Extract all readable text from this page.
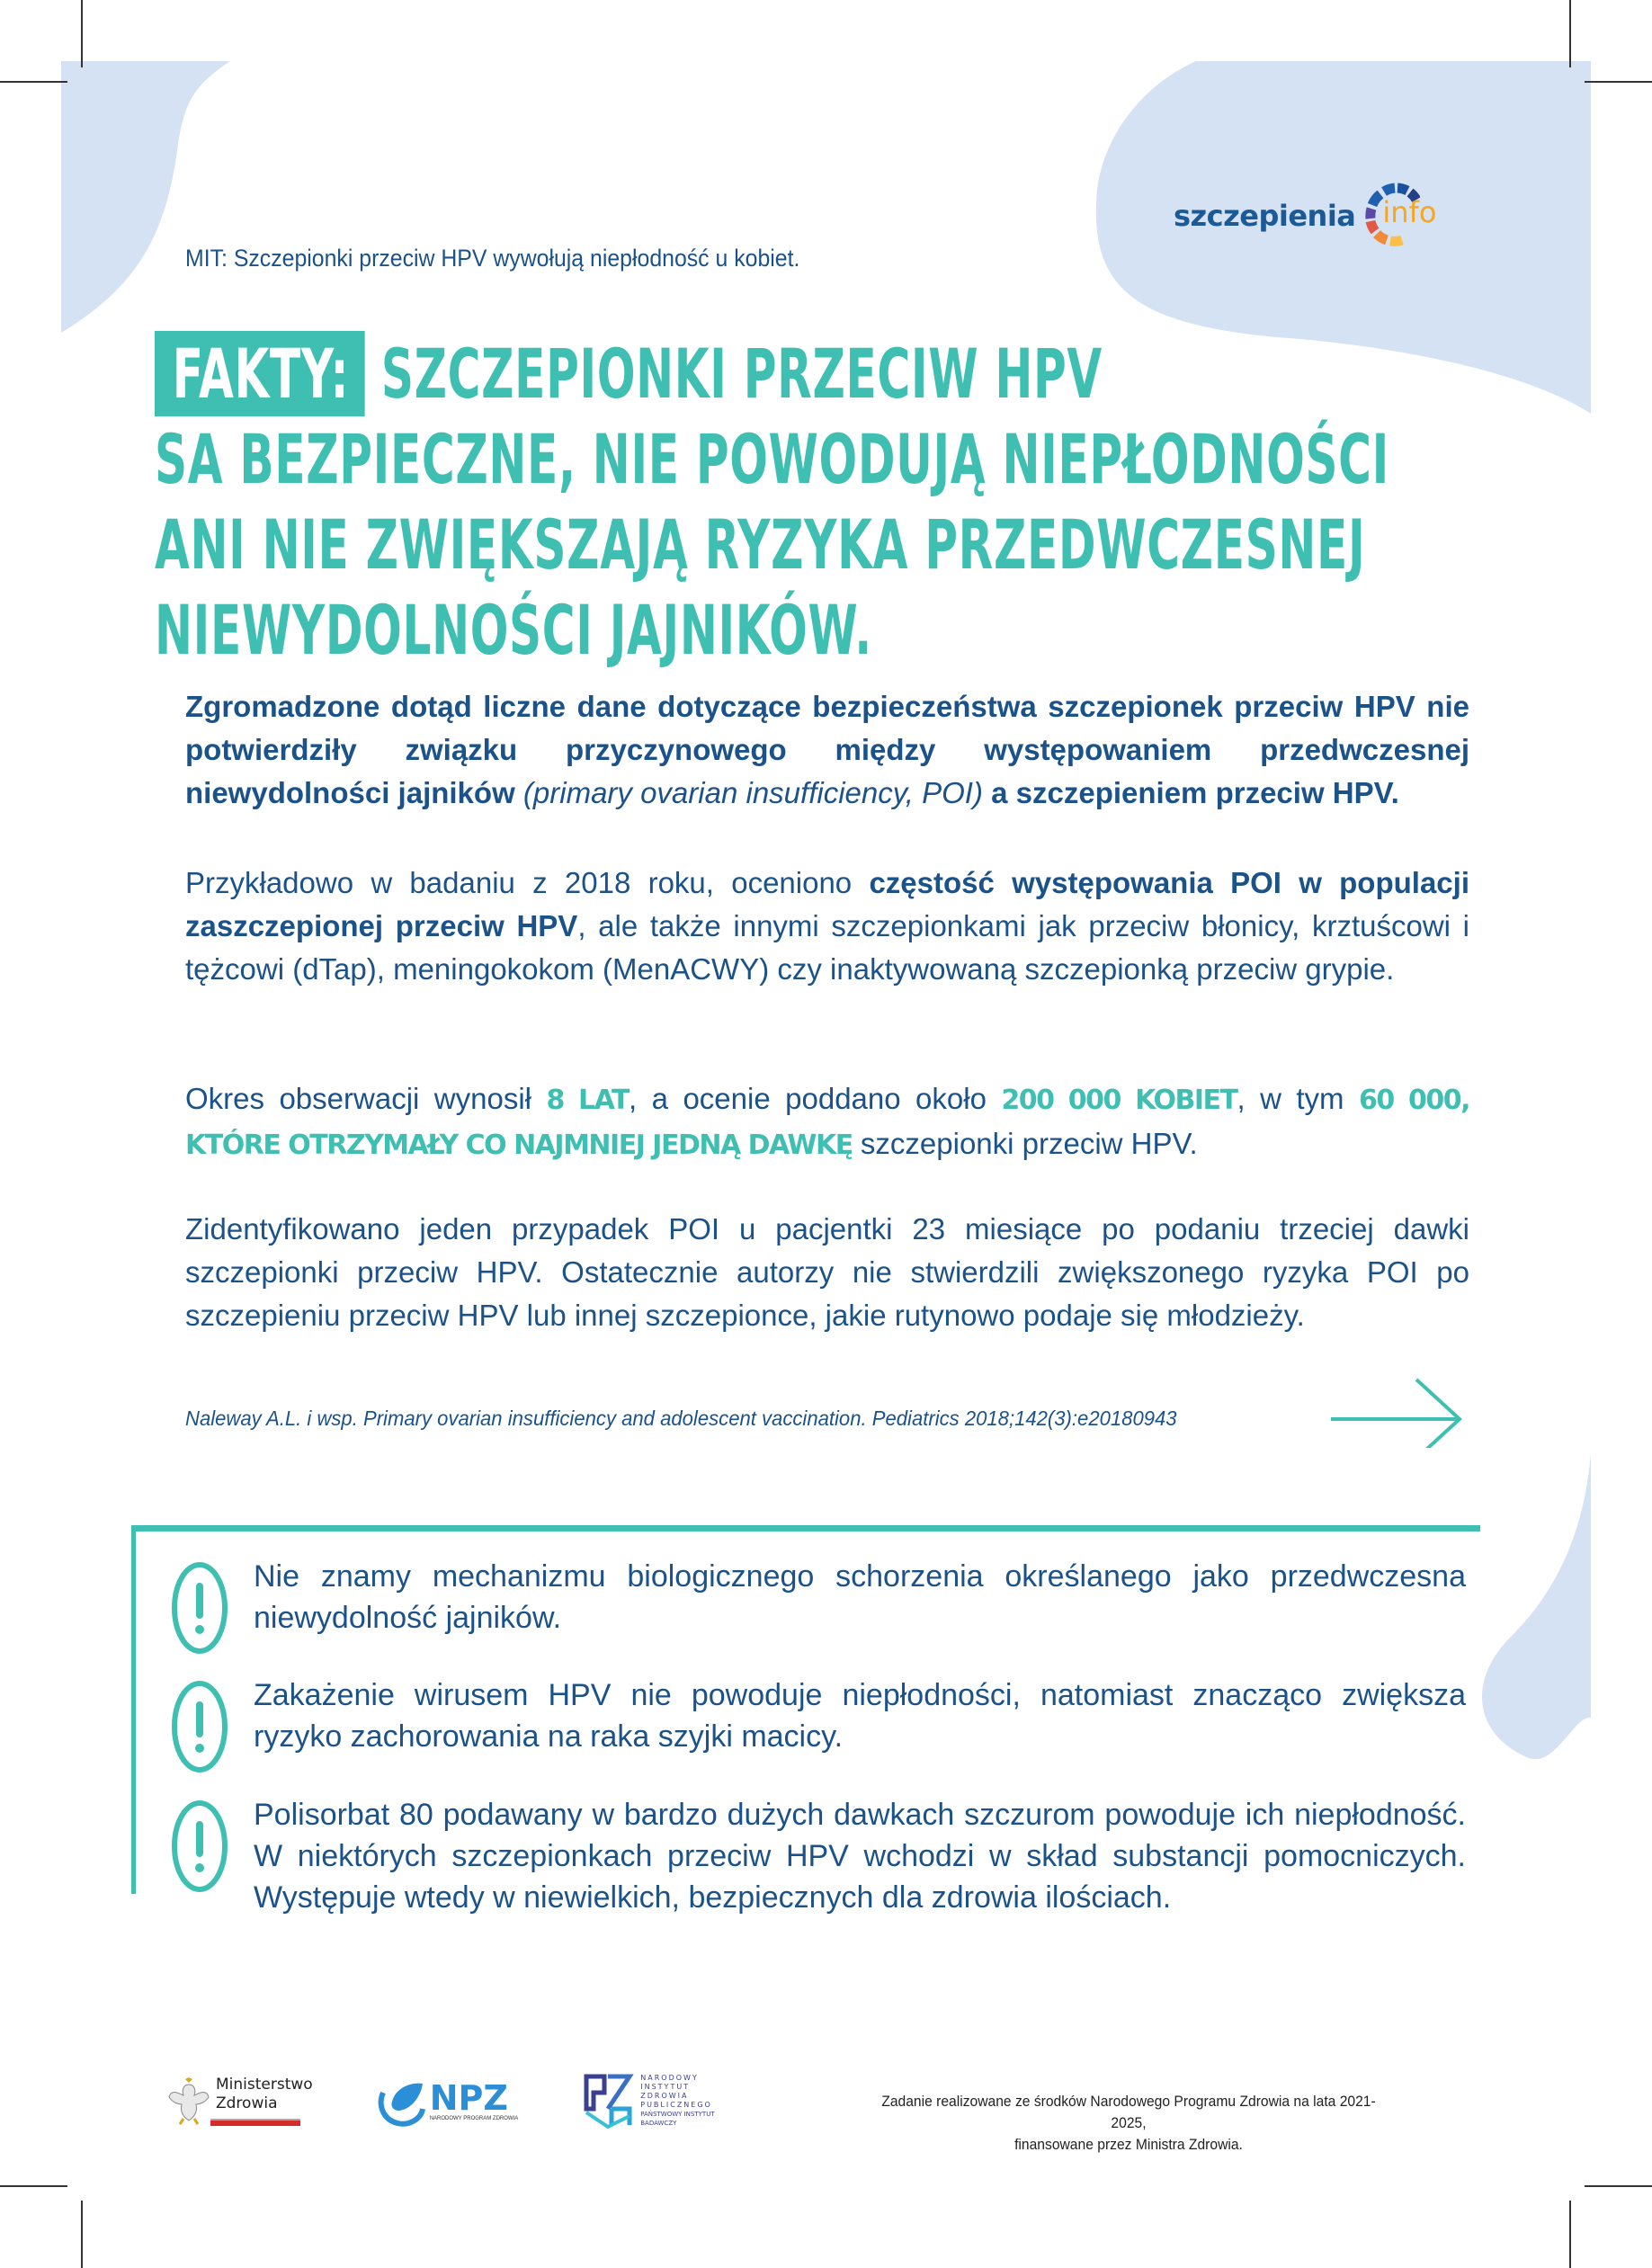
szczepienia info
MIT: Szczepionki przeciw HPV wywołują niepłodność u kobiet.
FAKTY: SZCZEPIONKI PRZECIW HPV
SA BEZPIECZNE, NIE POWODUJĄ NIEPŁODNOŚCI
ANI NIE ZWIĘKSZAJĄ RYZYKA PRZEDWCZESNEJ
NIEWYDOLNOŚCI JAJNIKÓW.
Zgromadzone dotąd liczne dane dotyczące bezpieczeństwa szczepionek przeciw HPV nie potwierdziły związku przyczynowego między występowaniem przedwczesnej niewydolności jajników (primary ovarian insufficiency, POI) a szczepieniem przeciw HPV.
Przykładowo w badaniu z 2018 roku, oceniono częstość występowania POI w populacji zaszczepionej przeciw HPV, ale także innymi szczepionkami jak przeciw błonicy, krztuścowi i tężcowi (dTap), meningokokom (MenACWY) czy inaktywowaną szczepionką przeciw grypie.
Okres obserwacji wynosił 8 LAT, a ocenie poddano około 200 000 KOBIET, w tym 60 000, KTÓRE OTRZYMAŁY CO NAJMNIEJ JEDNĄ DAWKĘ szczepionki przeciw HPV.
Zidentyfikowano jeden przypadek POI u pacjentki 23 miesiące po podaniu trzeciej dawki szczepionki przeciw HPV. Ostatecznie autorzy nie stwierdzili zwiększonego ryzyka POI po szczepieniu przeciw HPV lub innej szczepionce, jakie rutynowo podaje się młodzieży.
Naleway A.L. i wsp. Primary ovarian insufficiency and adolescent vaccination. Pediatrics 2018;142(3):e20180943
Nie znamy mechanizmu biologicznego schorzenia określanego jako przedwczesna niewydolność jajników.
Zakażenie wirusem HPV nie powoduje niepłodności, natomiast znacząco zwiększa ryzyko zachorowania na raka szyjki macicy.
Polisorbat 80 podawany w bardzo dużych dawkach szczurom powoduje ich niepłodność. W niektórych szczepionkach przeciw HPV wchodzi w skład substancji pomocniczych. Występuje wtedy w niewielkich, bezpiecznych dla zdrowia ilościach.
Ministerstwo
Zdrowia	NPZ
NARODOWY PROGRAM ZDROWIA
NARODOWY
INSTYTUT
ZDROWIA
PUBLICZNEGO
PAŃSTWOWY INSTYTUT
BADAWCZY
Zadanie realizowane ze środków Narodowego Programu Zdrowia na lata 2021-2025,
finansowane przez Ministra Zdrowia.
